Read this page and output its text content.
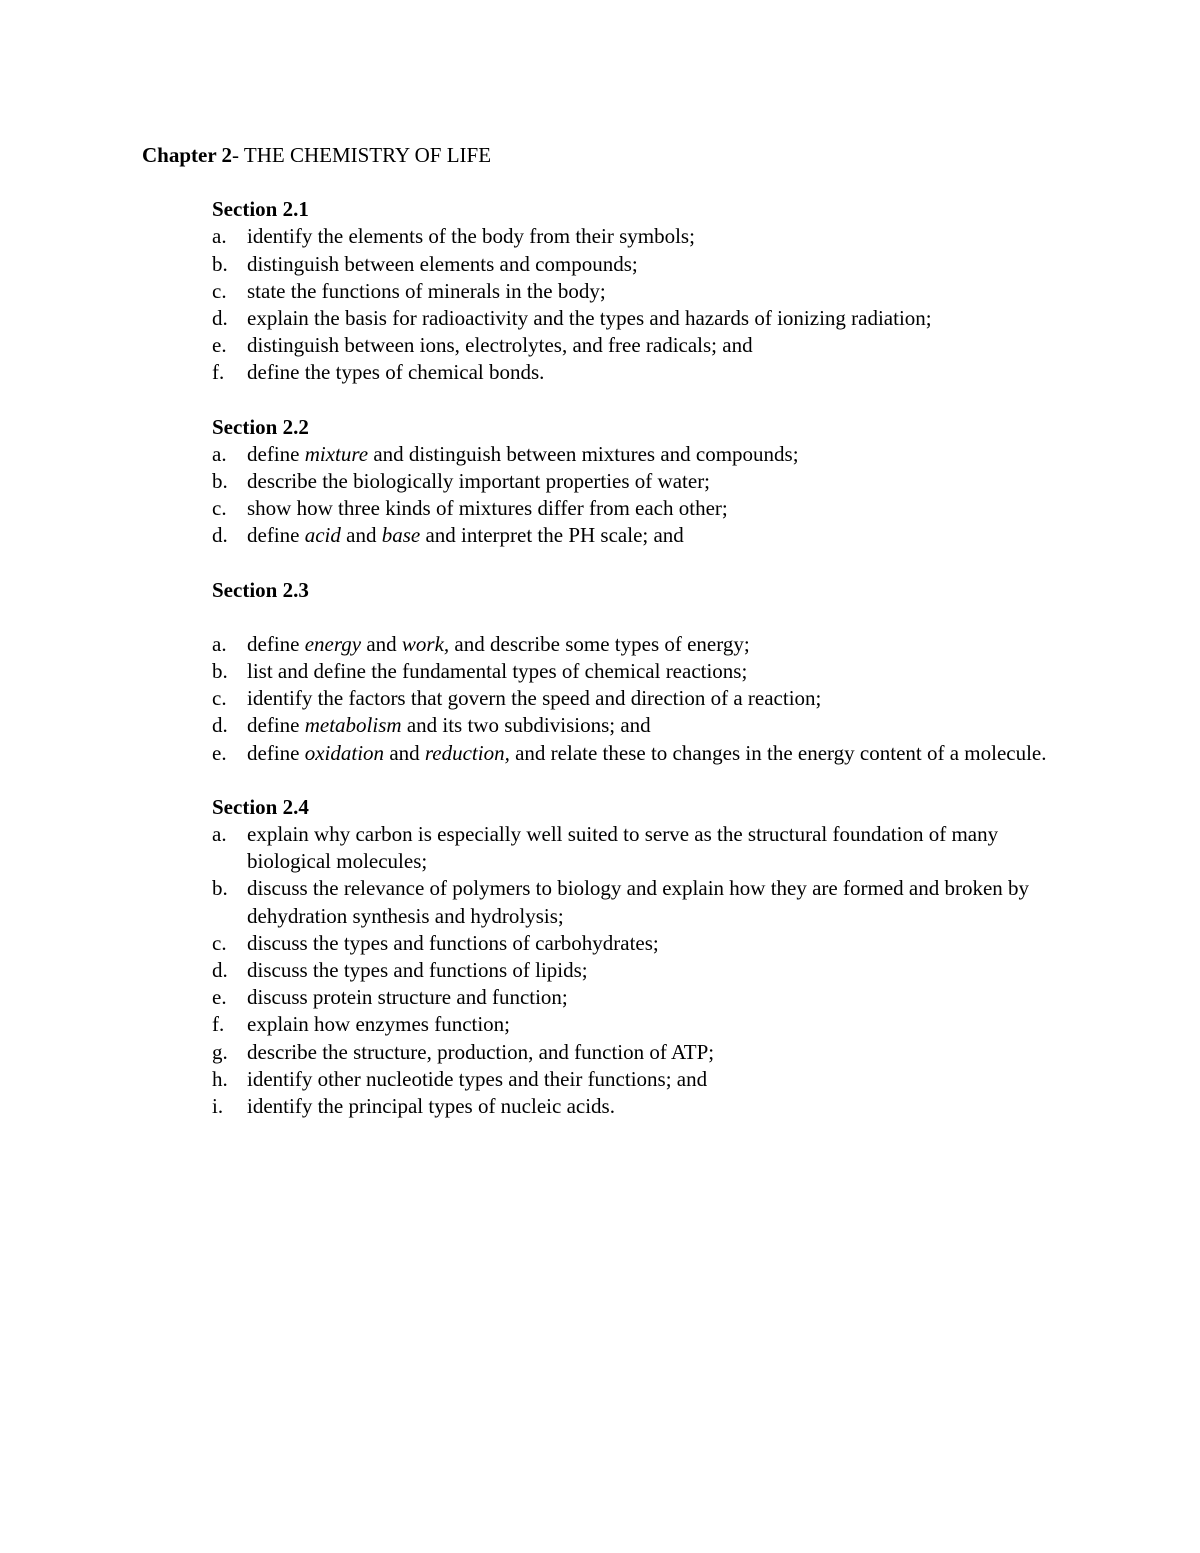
Chapter 2- THE CHEMISTRY OF LIFE
Section 2.1
a. identify the elements of the body from their symbols;
b. distinguish between elements and compounds;
c. state the functions of minerals in the body;
d. explain the basis for radioactivity and the types and hazards of ionizing radiation;
e. distinguish between ions, electrolytes, and free radicals; and
f. define the types of chemical bonds.
Section 2.2
a. define mixture and distinguish between mixtures and compounds;
b. describe the biologically important properties of water;
c. show how three kinds of mixtures differ from each other;
d. define acid and base and interpret the PH scale; and
Section 2.3
a. define energy and work, and describe some types of energy;
b. list and define the fundamental types of chemical reactions;
c. identify the factors that govern the speed and direction of a reaction;
d. define metabolism and its two subdivisions; and
e. define oxidation and reduction, and relate these to changes in the energy content of a molecule.
Section 2.4
a. explain why carbon is especially well suited to serve as the structural foundation of many biological molecules;
b. discuss the relevance of polymers to biology and explain how they are formed and broken by dehydration synthesis and hydrolysis;
c. discuss the types and functions of carbohydrates;
d. discuss the types and functions of lipids;
e. discuss protein structure and function;
f. explain how enzymes function;
g. describe the structure, production, and function of ATP;
h. identify other nucleotide types and their functions; and
i. identify the principal types of nucleic acids.
